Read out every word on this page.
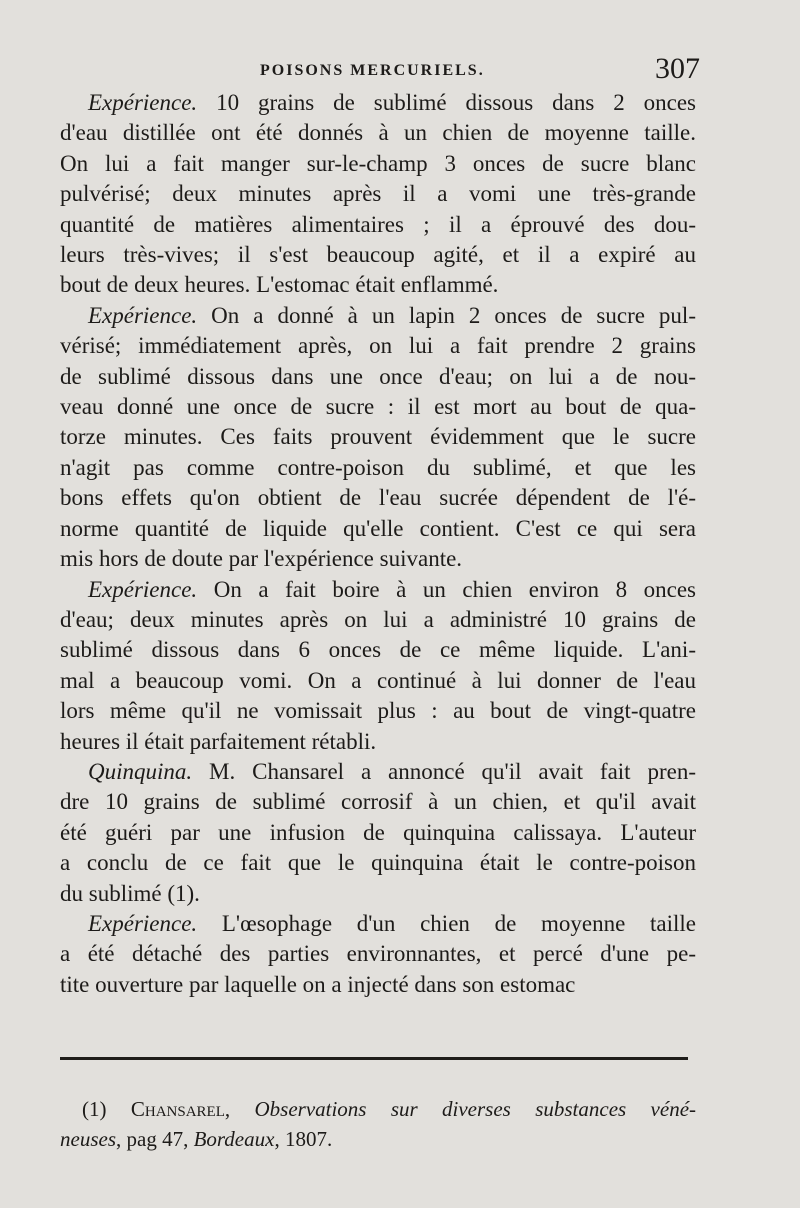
POISONS MERCURIELS.	307

Expérience. 10 grains de sublimé dissous dans 2 onces
d'eau distillée ont été donnés à un chien de moyenne taille.
On lui a fait manger sur-le-champ 3 onces de sucre blanc
pulvérisé; deux minutes après il a vomi une très-grande
quantité de matières alimentaires ; il a éprouvé des dou-
leurs très-vives; il s'est beaucoup agité, et il a expiré au
bout de deux heures. L'estomac était enflammé.

Expérience. On a donné à un lapin 2 onces de sucre pul-
vérisé; immédiatement après, on lui a fait prendre 2 grains
de sublimé dissous dans une once d'eau; on lui a de nou-
veau donné une once de sucre : il est mort au bout de qua-
torze minutes. Ces faits prouvent évidemment que le sucre
n'agit pas comme contre-poison du sublimé, et que les
bons effets qu'on obtient de l'eau sucrée dépendent de l'é-
norme quantité de liquide qu'elle contient. C'est ce qui sera
mis hors de doute par l'expérience suivante.

Expérience. On a fait boire à un chien environ 8 onces
d'eau; deux minutes après on lui a administré 10 grains de
sublimé dissous dans 6 onces de ce même liquide. L'ani-
mal a beaucoup vomi. On a continué à lui donner de l'eau
lors même qu'il ne vomissait plus : au bout de vingt-quatre
heures il était parfaitement rétabli.

Quinquina. M. Chansarel a annoncé qu'il avait fait pren-
dre 10 grains de sublimé corrosif à un chien, et qu'il avait
été guéri par une infusion de quinquina calissaya. L'auteur
a conclu de ce fait que le quinquina était le contre-poison
du sublimé (1).

Expérience. L'œsophage d'un chien de moyenne taille
a été détaché des parties environnantes, et percé d'une pe-
tite ouverture par laquelle on a injecté dans son estomac

(1) Chansarel, Observations sur diverses substances véné-
neuses, pag 47, Bordeaux, 1807.
